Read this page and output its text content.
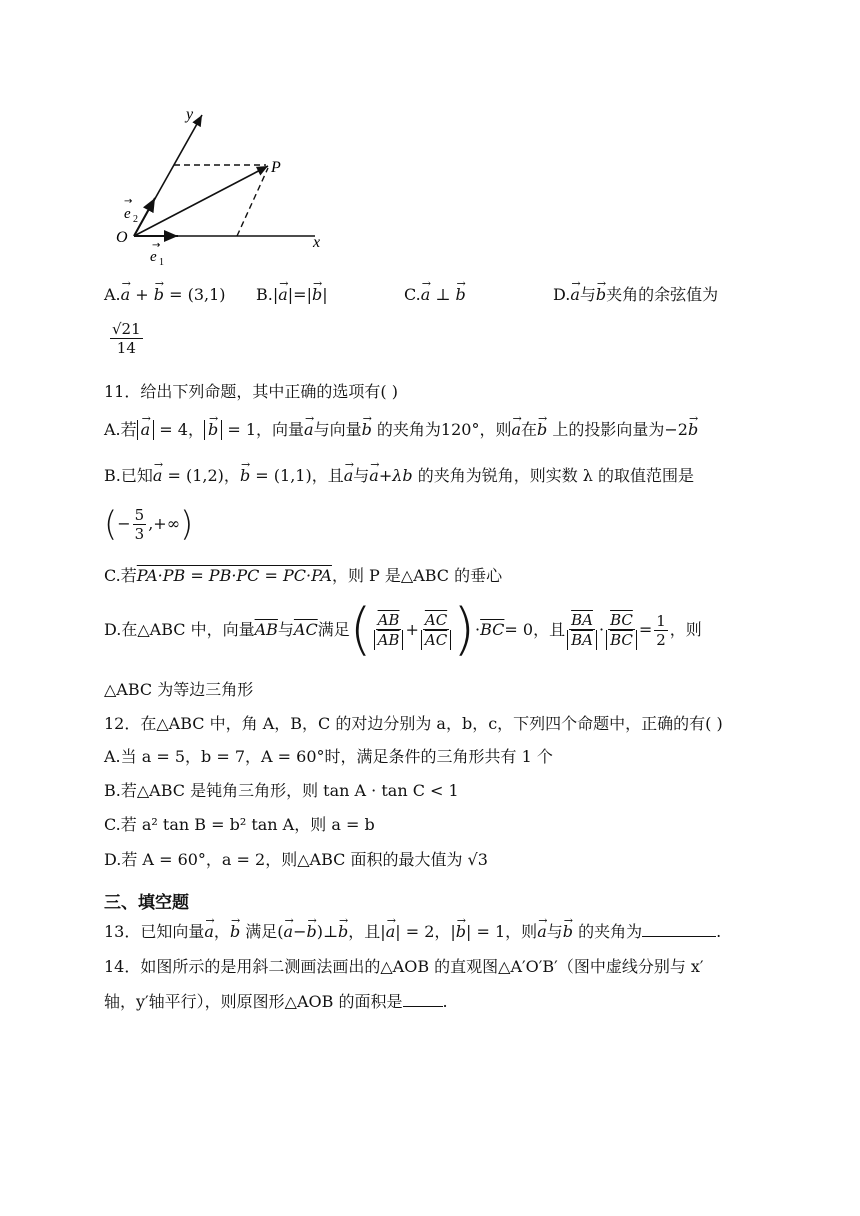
y
x
O
P
→
e 1
→
e 2
A.a → + b → = (3,1) B.|a →|=|b →|	C.a → ⊥ b →	D.a →与b →夹角的余弦值为
$\frac{√21}{14}$
11．给出下列命题，其中正确的选项有( )
A.若 a → = 4， b → = 1，向量a →与向量b → 的夹角为120°，则a →在b → 上的投影向量为−2b →
B.已知a → = (1,2)，b → = (1,1)，且a →与a →+λb 的夹角为锐角，则实数 λ 的取值范围是
(− $\frac{5}{3}$ ,+∞)
C.若PA·PB = PB·PC = PC·PA，则 P 是△ABC 的垂心
D.在△ABC 中，向量$\overline{AB}$与$\overline{AC}$满足( $\frac{\overline{AB}}{AB} + \frac{\overline{AC}}{AC} )\cdot\overline{BC}= 0$，且 $\frac{\overline{BA}}{BA} \cdot \frac{\overline{BC}}{BC} = \frac{1}{2}$ ，则
△ABC 为等边三角形
12．在△ABC 中，角 A，B，C 的对边分别为 a，b，c，下列四个命题中，正确的有( )
A.当 a = 5，b = 7，A = 60°时，满足条件的三角形共有 1 个
B.若△ABC 是钝角三角形，则 tan A · tan C < 1
C.若 a² tan B = b² tan A，则 a = b
D.若 A = 60°，a = 2，则△ABC 面积的最大值为 √3
三、填空题
13．已知向量a →，b → 满足(a →−b →)⊥b →，且|a →| = 2，|b →| = 1，则a →与b → 的夹角为	.
14．如图所示的是用斜二测画法画出的△AOB 的直观图△A′O′B′（图中虚线分别与 x′
轴，y′轴平行），则原图形△AOB 的面积是	.
